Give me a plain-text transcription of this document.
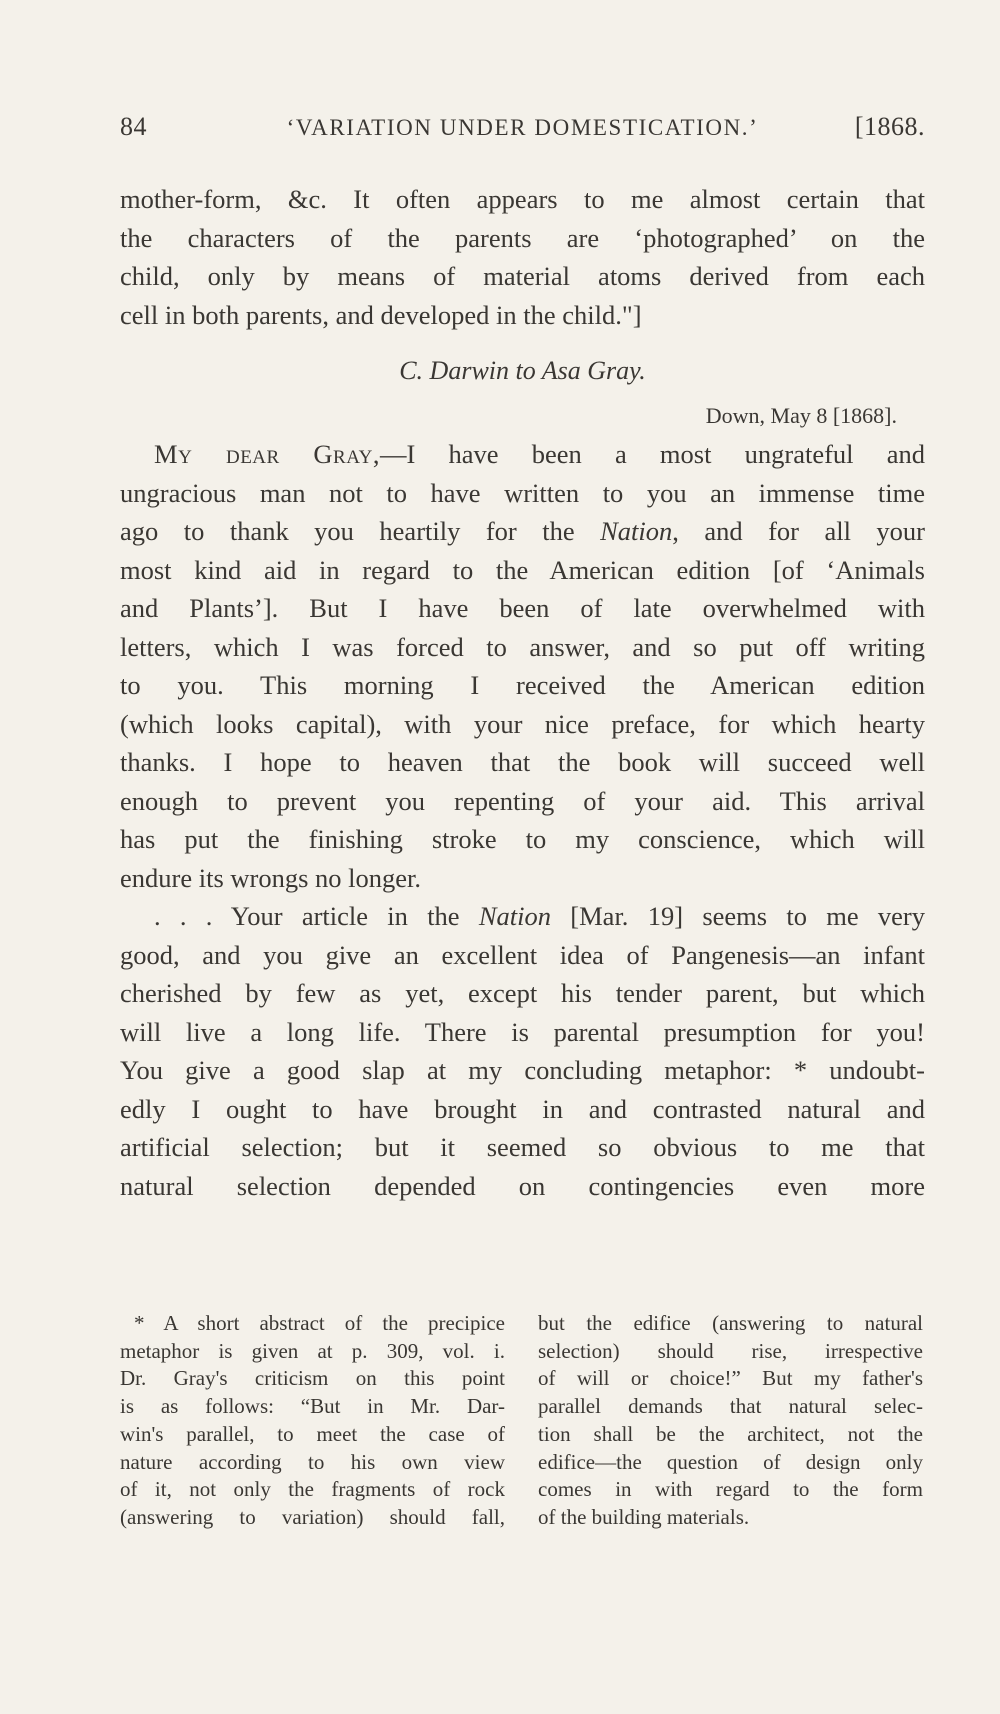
84	‘VARIATION UNDER DOMESTICATION.’	[1868.
mother-form, &c. It often appears to me almost certain that
the characters of the parents are ‘photographed’ on the
child, only by means of material atoms derived from each
cell in both parents, and developed in the child."]
C. Darwin to Asa Gray.
Down, May 8 [1868].
My dear Gray,—I have been a most ungrateful and
ungracious man not to have written to you an immense time
ago to thank you heartily for the Nation, and for all your
most kind aid in regard to the American edition [of ‘Animals
and Plants’]. But I have been of late overwhelmed with
letters, which I was forced to answer, and so put off writing
to you. This morning I received the American edition
(which looks capital), with your nice preface, for which hearty
thanks. I hope to heaven that the book will succeed well
enough to prevent you repenting of your aid. This arrival
has put the finishing stroke to my conscience, which will
endure its wrongs no longer.
. . . Your article in the Nation [Mar. 19] seems to me very
good, and you give an excellent idea of Pangenesis—an infant
cherished by few as yet, except his tender parent, but which
will live a long life. There is parental presumption for you!
You give a good slap at my concluding metaphor: * undoubt-
edly I ought to have brought in and contrasted natural and
artificial selection; but it seemed so obvious to me that
natural selection depended on contingencies even more
* A short abstract of the precipice
metaphor is given at p. 309, vol. i.
Dr. Gray's criticism on this point
is as follows: “But in Mr. Dar-
win's parallel, to meet the case of
nature according to his own view
of it, not only the fragments of rock
(answering to variation) should fall,
but the edifice (answering to natural
selection) should rise, irrespective
of will or choice!” But my father's
parallel demands that natural selec-
tion shall be the architect, not the
edifice—the question of design only
comes in with regard to the form
of the building materials.
